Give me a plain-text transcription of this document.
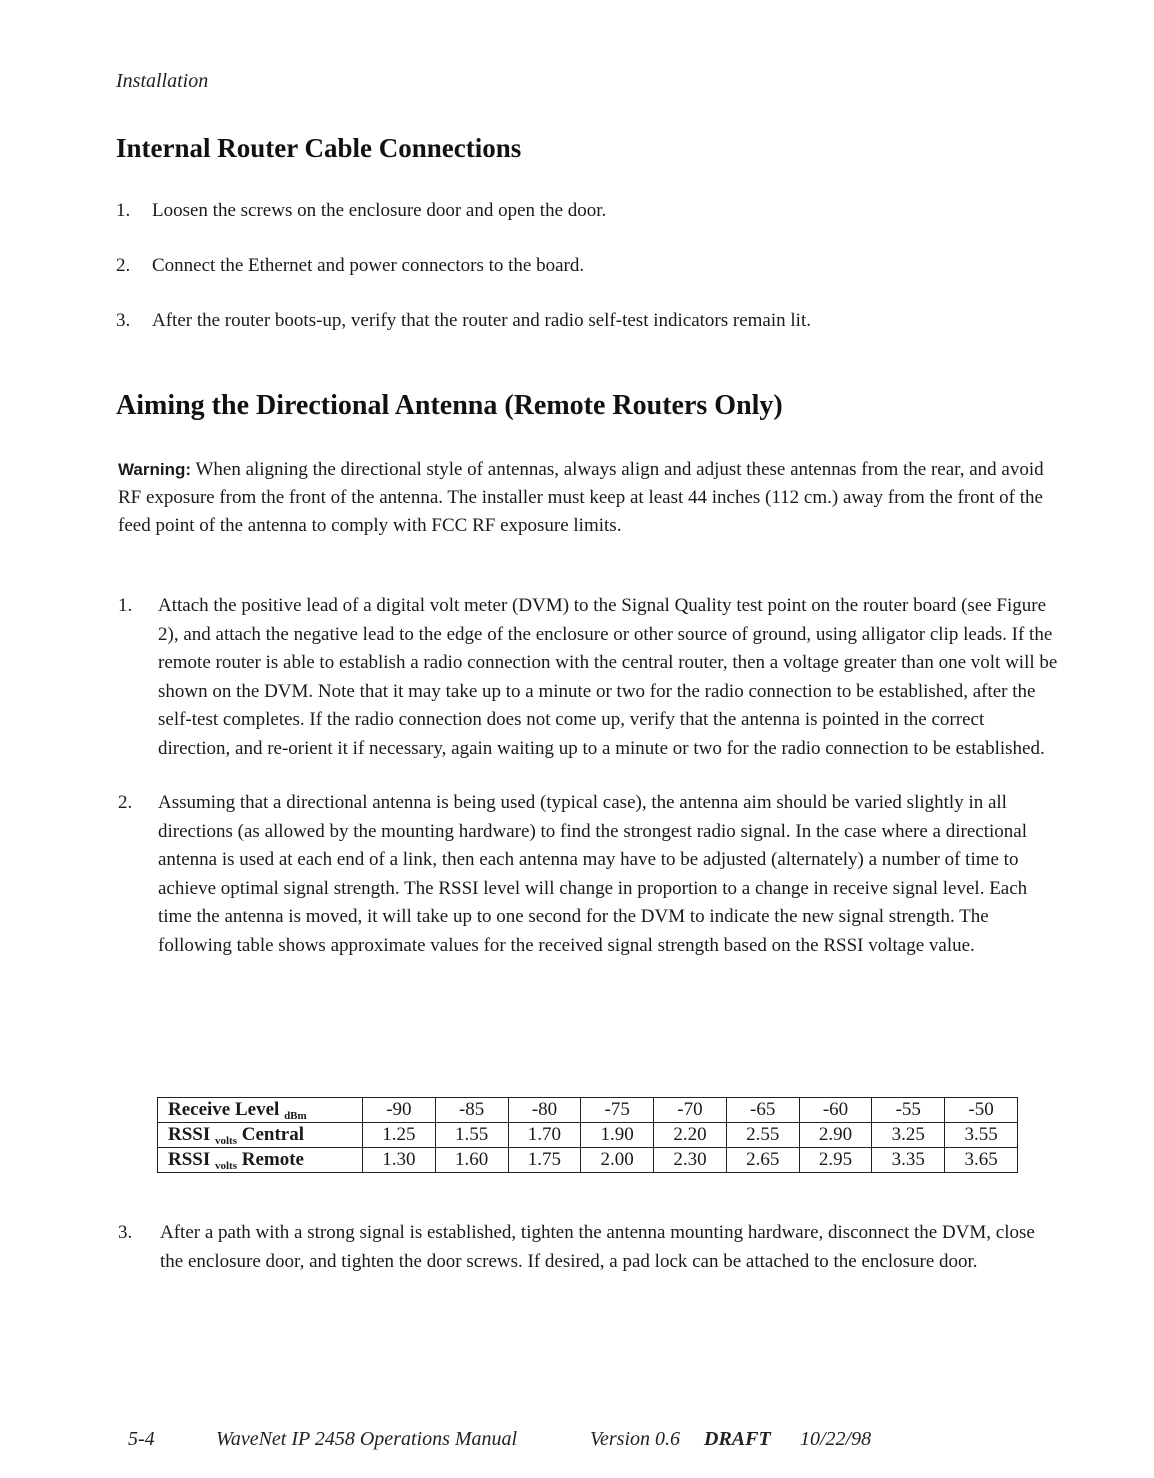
Installation
Internal Router Cable Connections
1.	Loosen the screws on the enclosure door and open the door.
2.	Connect the Ethernet and power connectors to the board.
3.	After the router boots-up, verify that the router and radio self-test indicators remain lit.
Aiming the Directional Antenna (Remote Routers Only)
Warning: When aligning the directional style of antennas, always align and adjust these antennas from the rear, and avoid RF exposure from the front of the antenna. The installer must keep at least 44 inches (112 cm.) away from the front of the feed point of the antenna to comply with FCC RF exposure limits.
1.	Attach the positive lead of a digital volt meter (DVM) to the Signal Quality test point on the router board (see Figure 2), and attach the negative lead to the edge of the enclosure or other source of ground, using alligator clip leads. If the remote router is able to establish a radio connection with the central router, then a voltage greater than one volt will be shown on the DVM. Note that it may take up to a minute or two for the radio connection to be established, after the self-test completes. If the radio connection does not come up, verify that the antenna is pointed in the correct direction, and re-orient it if necessary, again waiting up to a minute or two for the radio connection to be established.
2.	Assuming that a directional antenna is being used (typical case), the antenna aim should be varied slightly in all directions (as allowed by the mounting hardware) to find the strongest radio signal. In the case where a directional antenna is used at each end of a link, then each antenna may have to be adjusted (alternately) a number of time to achieve optimal signal strength. The RSSI level will change in proportion to a change in receive signal level. Each time the antenna is moved, it will take up to one second for the DVM to indicate the new signal strength. The following table shows approximate values for the received signal strength based on the RSSI voltage value.
Receive Level $_{dBm}$	-90	-85	-80	-75	-70	-65	-60	-55	-50
RSSI $_{volts}$ Central	1.25	1.55	1.70	1.90	2.20	2.55	2.90	3.25	3.55
RSSI $_{volts}$ Remote	1.30	1.60	1.75	2.00	2.30	2.65	2.95	3.35	3.65
3.	After a path with a strong signal is established, tighten the antenna mounting hardware, disconnect the DVM, close the enclosure door, and tighten the door screws. If desired, a pad lock can be attached to the enclosure door.
5-4	WaveNet IP 2458 Operations Manual	Version 0.6 DRAFT 10/22/98
